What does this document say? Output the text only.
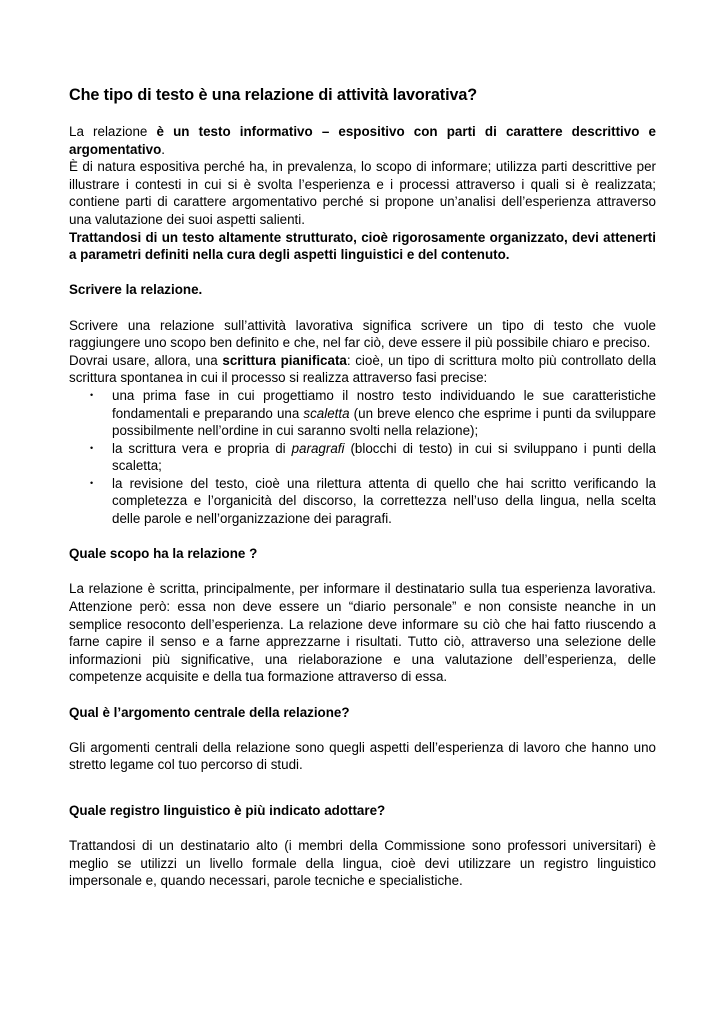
Che tipo di testo è una relazione di attività lavorativa?

La relazione è un testo informativo – espositivo con parti di carattere descrittivo e argomentativo.

È di natura espositiva perché ha, in prevalenza, lo scopo di informare; utilizza parti descrittive per illustrare i contesti in cui si è svolta l’esperienza e i processi attraverso i quali si è realizzata; contiene parti di carattere argomentativo perché si propone un’analisi dell’esperienza attraverso una valutazione dei suoi aspetti salienti.

Trattandosi di un testo altamente strutturato, cioè rigorosamente organizzato, devi attenerti a parametri definiti nella cura degli aspetti linguistici e del contenuto.

Scrivere la relazione.

Scrivere una relazione sull’attività lavorativa significa scrivere un tipo di testo che vuole raggiungere uno scopo ben definito e che, nel far ciò, deve essere il più possibile chiaro e preciso.

Dovrai usare, allora, una scrittura pianificata: cioè, un tipo di scrittura molto più controllato della scrittura spontanea in cui il processo si realizza attraverso fasi precise:

• una prima fase in cui progettiamo il nostro testo individuando le sue caratteristiche fondamentali e preparando una scaletta (un breve elenco che esprime i punti da sviluppare possibilmente nell’ordine in cui saranno svolti nella relazione);
• la scrittura vera e propria di paragrafi (blocchi di testo) in cui si sviluppano i punti della scaletta;
• la revisione del testo, cioè una rilettura attenta di quello che hai scritto verificando la completezza e l’organicità del discorso, la correttezza nell’uso della lingua, nella scelta delle parole e nell’organizzazione dei paragrafi.
Quale scopo ha la relazione ?

La relazione è scritta, principalmente, per informare il destinatario sulla tua esperienza lavorativa. Attenzione però: essa non deve essere un “diario personale” e non consiste neanche in un semplice resoconto dell’esperienza. La relazione deve informare su ciò che hai fatto riuscendo a farne capire il senso e a farne apprezzarne i risultati. Tutto ciò, attraverso una selezione delle informazioni più significative, una rielaborazione e una valutazione dell’esperienza, delle competenze acquisite e della tua formazione attraverso di essa.

Qual è l’argomento centrale della relazione?

Gli argomenti centrali della relazione sono quegli aspetti dell’esperienza di lavoro che hanno uno stretto legame col tuo percorso di studi.

Quale registro linguistico è più indicato adottare?

Trattandosi di un destinatario alto (i membri della Commissione sono professori universitari) è meglio se utilizzi un livello formale della lingua, cioè devi utilizzare un registro linguistico impersonale e, quando necessari, parole tecniche e specialistiche.
